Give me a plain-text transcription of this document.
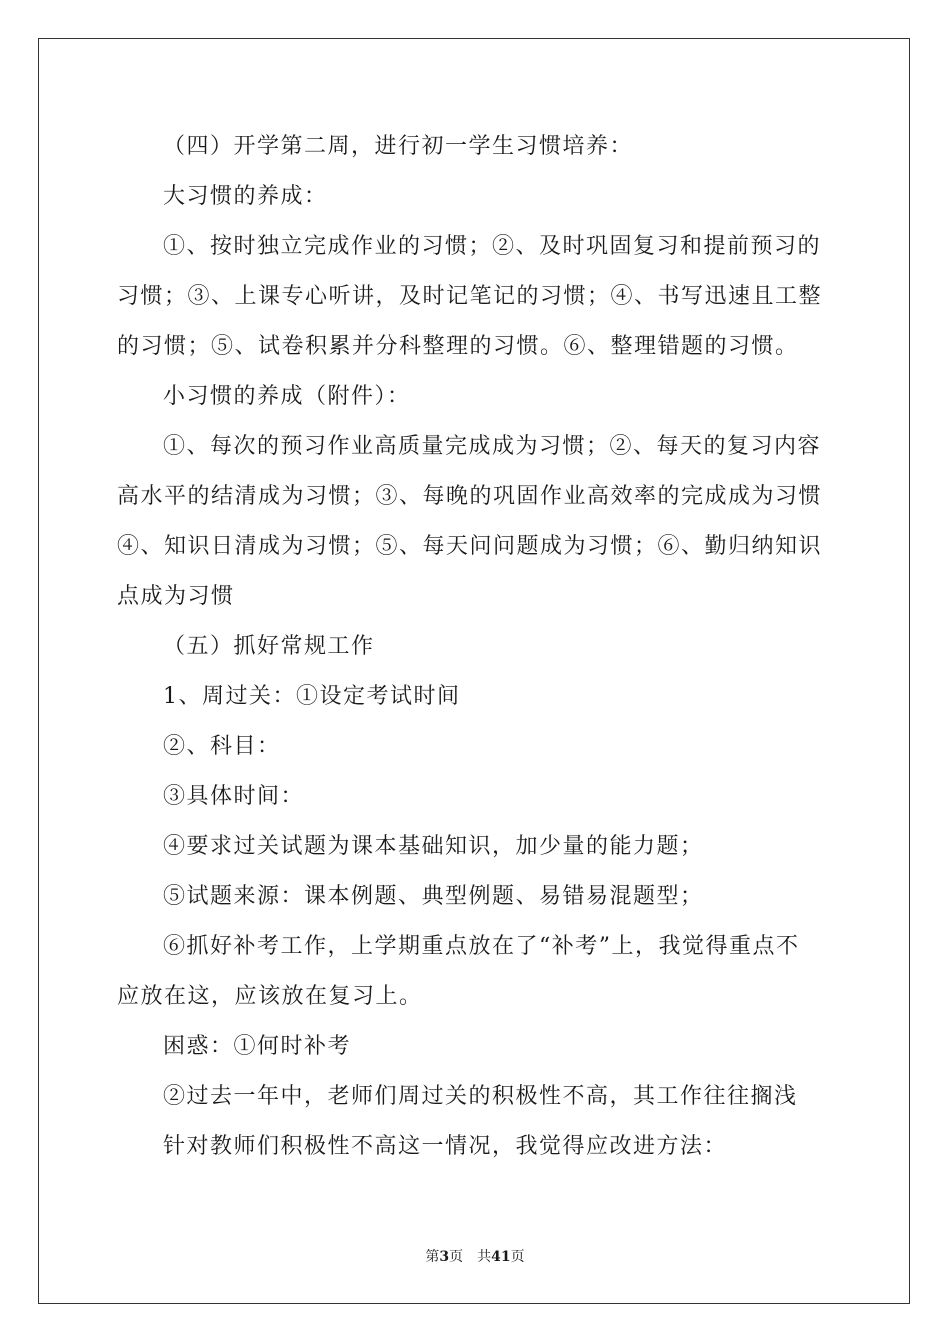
（四）开学第二周，进行初一学生习惯培养：
大习惯的养成：
①、按时独立完成作业的习惯；②、及时巩固复习和提前预习的
习惯；③、上课专心听讲，及时记笔记的习惯；④、书写迅速且工整
的习惯；⑤、试卷积累并分科整理的习惯。⑥、整理错题的习惯。
小习惯的养成（附件）：
①、每次的预习作业高质量完成成为习惯；②、每天的复习内容
高水平的结清成为习惯；③、每晚的巩固作业高效率的完成成为习惯
④、知识日清成为习惯；⑤、每天问问题成为习惯；⑥、勤归纳知识
点成为习惯
（五）抓好常规工作
1、周过关：①设定考试时间
②、科目：
③具体时间：
④要求过关试题为课本基础知识，加少量的能力题；
⑤试题来源：课本例题、典型例题、易错易混题型；
⑥抓好补考工作，上学期重点放在了“补考”上，我觉得重点不
应放在这，应该放在复习上。
困惑：①何时补考
②过去一年中，老师们周过关的积极性不高，其工作往往搁浅
针对教师们积极性不高这一情况，我觉得应改进方法：
第3页 共41页
